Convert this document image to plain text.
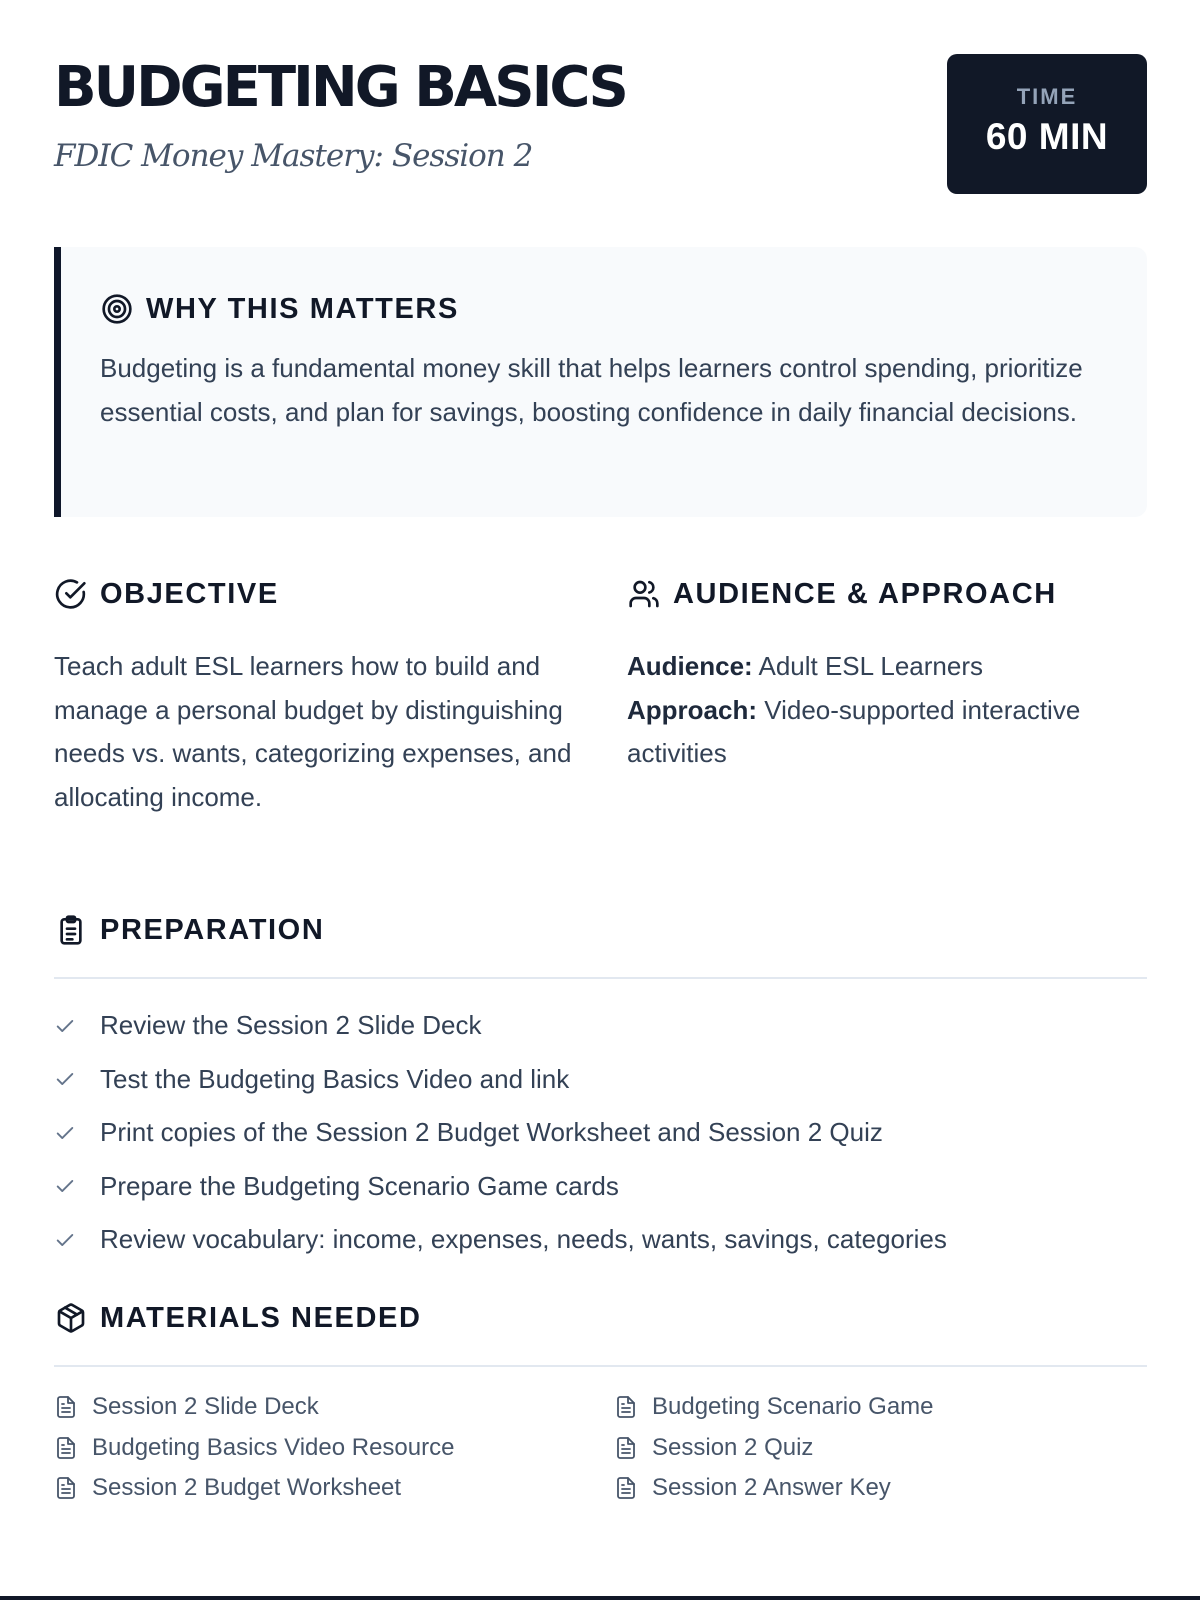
BUDGETING BASICS
FDIC Money Mastery: Session 2
TIME
60 MIN
WHY THIS MATTERS

Budgeting is a fundamental money skill that helps learners control spending, prioritize essential costs, and plan for savings, boosting confidence in daily financial decisions.

OBJECTIVE

Teach adult ESL learners how to build and manage a personal budget by distinguishing needs vs. wants, categorizing expenses, and allocating income.

AUDIENCE & APPROACH
Audience: Adult ESL Learners
Approach: Video-supported interactive activities
PREPARATION
Review the Session 2 Slide Deck
Test the Budgeting Basics Video and link
Print copies of the Session 2 Budget Worksheet and Session 2 Quiz
Prepare the Budgeting Scenario Game cards
Review vocabulary: income, expenses, needs, wants, savings, categories
MATERIALS NEEDED
Session 2 Slide Deck	Budgeting Scenario Game
Budgeting Basics Video Resource	Session 2 Quiz
Session 2 Budget Worksheet	Session 2 Answer Key
